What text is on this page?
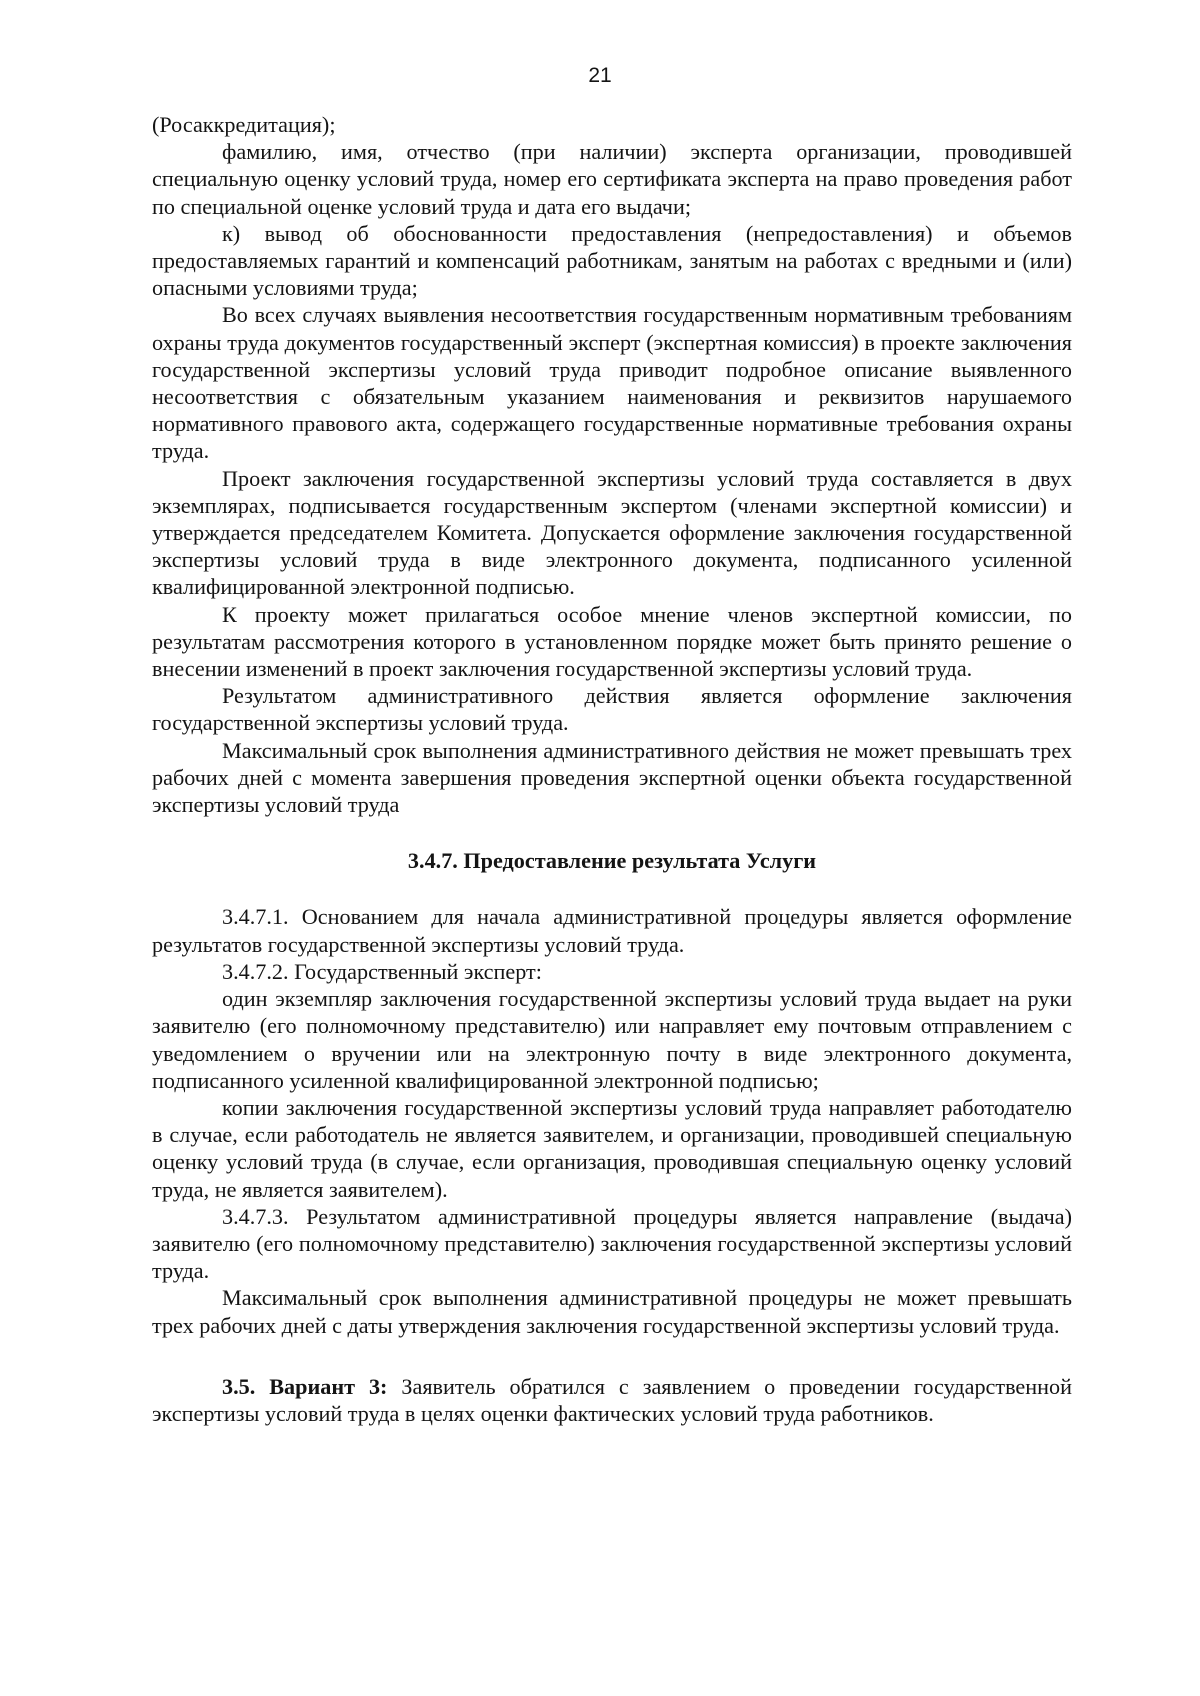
21

(Росаккредитация);

фамилию, имя, отчество (при наличии) эксперта организации, проводившей специальную оценку условий труда, номер его сертификата эксперта на право проведения работ по специальной оценке условий труда и дата его выдачи;

к) вывод об обоснованности предоставления (непредоставления) и объемов предоставляемых гарантий и компенсаций работникам, занятым на работах с вредными и (или) опасными условиями труда;

Во всех случаях выявления несоответствия государственным нормативным требованиям охраны труда документов государственный эксперт (экспертная комиссия) в проекте заключения государственной экспертизы условий труда приводит подробное описание выявленного несоответствия с обязательным указанием наименования и реквизитов нарушаемого нормативного правового акта, содержащего государственные нормативные требования охраны труда.

Проект заключения государственной экспертизы условий труда составляется в двух экземплярах, подписывается государственным экспертом (членами экспертной комиссии) и утверждается председателем Комитета. Допускается оформление заключения государственной экспертизы условий труда в виде электронного документа, подписанного усиленной квалифицированной электронной подписью.

К проекту может прилагаться особое мнение членов экспертной комиссии, по результатам рассмотрения которого в установленном порядке может быть принято решение о внесении изменений в проект заключения государственной экспертизы условий труда.

Результатом административного действия является оформление заключения государственной экспертизы условий труда.

Максимальный срок выполнения административного действия не может превышать трех рабочих дней с момента завершения проведения экспертной оценки объекта государственной экспертизы условий труда

3.4.7. Предоставление результата Услуги

3.4.7.1. Основанием для начала административной процедуры является оформление результатов государственной экспертизы условий труда.

3.4.7.2. Государственный эксперт:

один экземпляр заключения государственной экспертизы условий труда выдает на руки заявителю (его полномочному представителю) или направляет ему почтовым отправлением с уведомлением о вручении или на электронную почту в виде электронного документа, подписанного усиленной квалифицированной электронной подписью;

копии заключения государственной экспертизы условий труда направляет работодателю в случае, если работодатель не является заявителем, и организации, проводившей специальную оценку условий труда (в случае, если организация, проводившая специальную оценку условий труда, не является заявителем).

3.4.7.3. Результатом административной процедуры является направление (выдача) заявителю (его полномочному представителю) заключения государственной экспертизы условий труда.

Максимальный срок выполнения административной процедуры не может превышать трех рабочих дней с даты утверждения заключения государственной экспертизы условий труда.

3.5. Вариант 3: Заявитель обратился с заявлением о проведении государственной экспертизы условий труда в целях оценки фактических условий труда работников.
